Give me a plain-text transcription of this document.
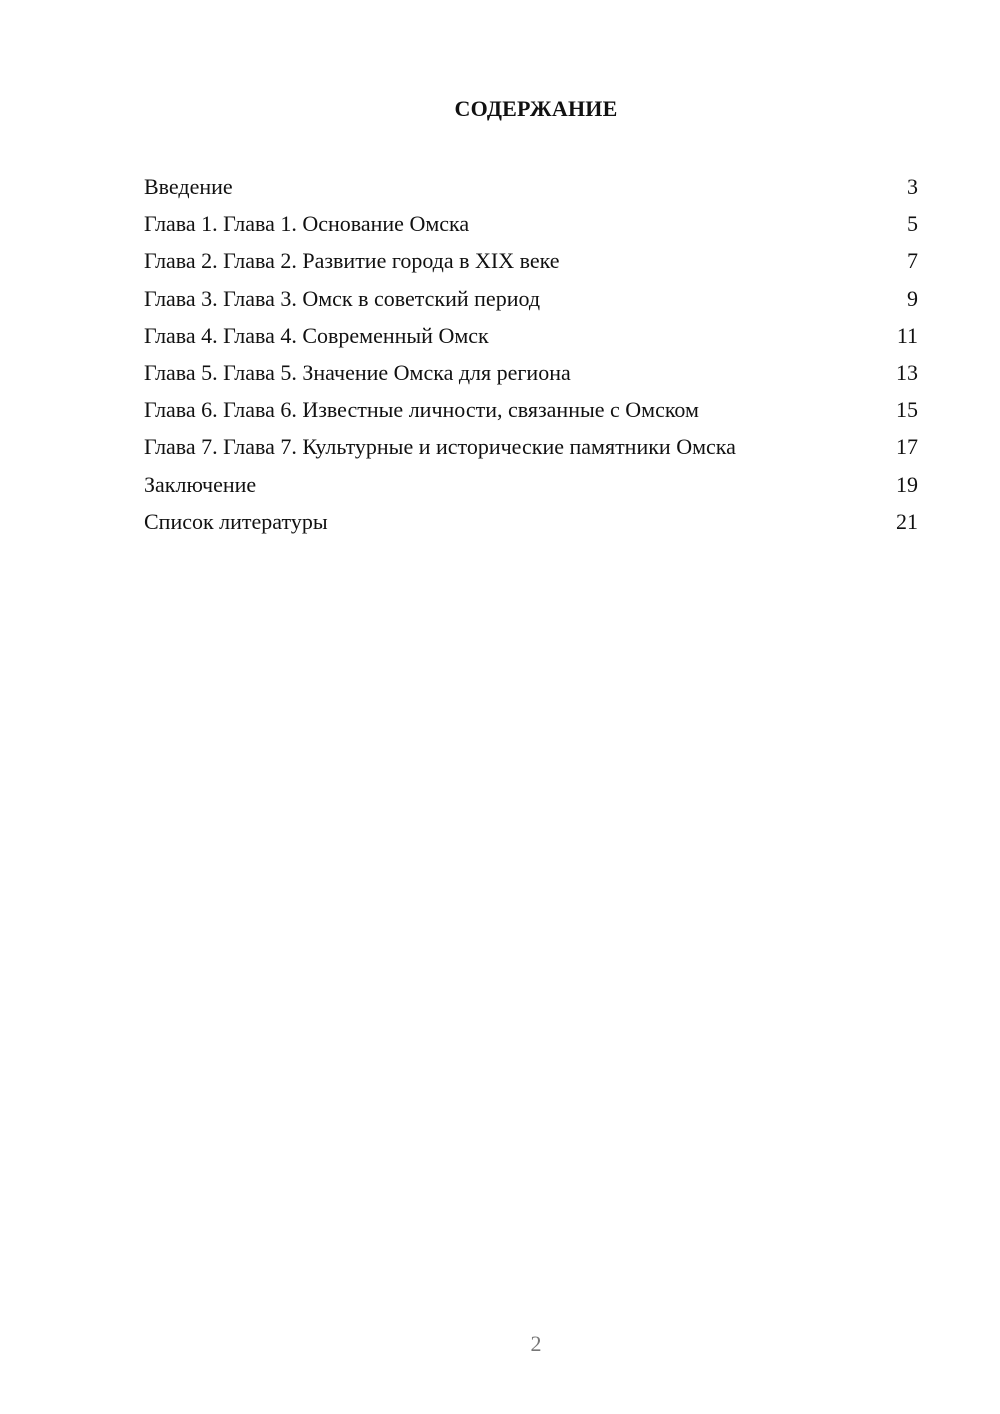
СОДЕРЖАНИЕ
Введение	3
Глава 1. Глава 1. Основание Омска	5
Глава 2. Глава 2. Развитие города в XIX веке	7
Глава 3. Глава 3. Омск в советский период	9
Глава 4. Глава 4. Современный Омск	11
Глава 5. Глава 5. Значение Омска для региона	13
Глава 6. Глава 6. Известные личности, связанные с Омском	15
Глава 7. Глава 7. Культурные и исторические памятники Омска	17
Заключение	19
Список литературы	21
2
